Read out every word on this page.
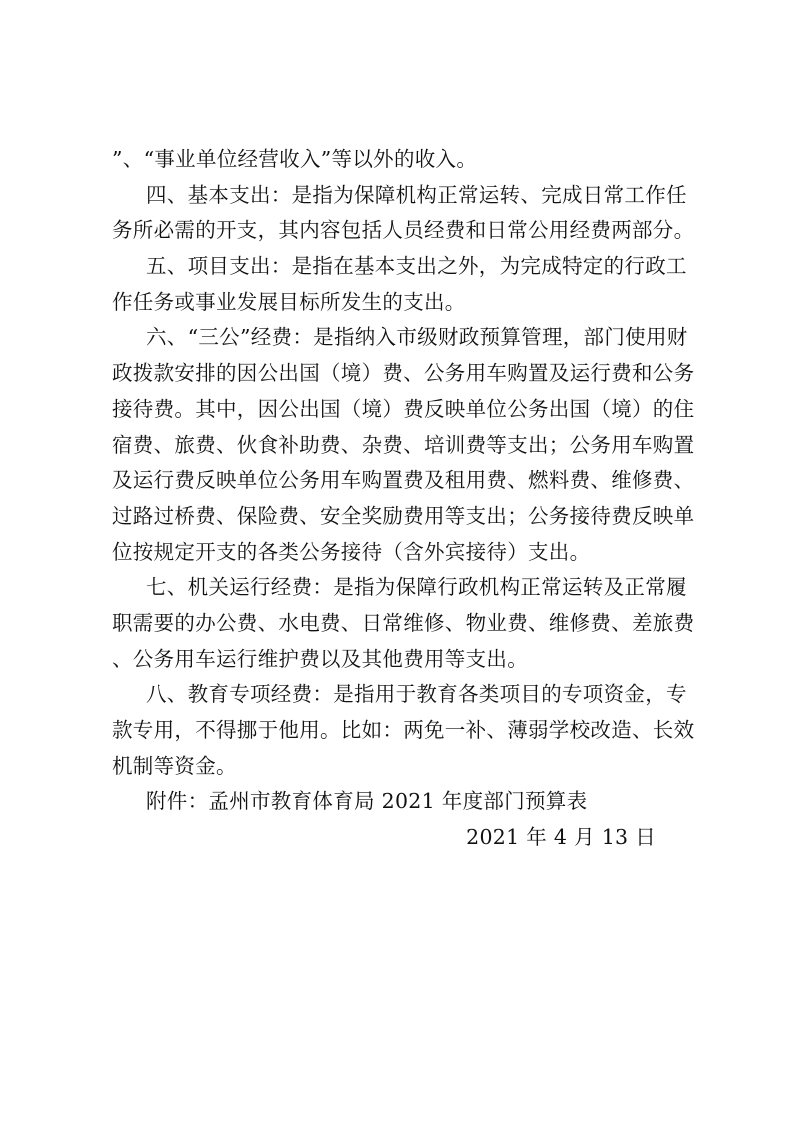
”、“事业单位经营收入”等以外的收入。
四、基本支出：是指为保障机构正常运转、完成日常工作任
务所必需的开支，其内容包括人员经费和日常公用经费两部分。
五、项目支出：是指在基本支出之外，为完成特定的行政工
作任务或事业发展目标所发生的支出。
六、“三公”经费：是指纳入市级财政预算管理，部门使用财
政拨款安排的因公出国（境）费、公务用车购置及运行费和公务
接待费。其中，因公出国（境）费反映单位公务出国（境）的住
宿费、旅费、伙食补助费、杂费、培训费等支出；公务用车购置
及运行费反映单位公务用车购置费及租用费、燃料费、维修费、
过路过桥费、保险费、安全奖励费用等支出；公务接待费反映单
位按规定开支的各类公务接待（含外宾接待）支出。
七、机关运行经费：是指为保障行政机构正常运转及正常履
职需要的办公费、水电费、日常维修、物业费、维修费、差旅费
、公务用车运行维护费以及其他费用等支出。
八、教育专项经费：是指用于教育各类项目的专项资金，专
款专用，不得挪于他用。比如：两免一补、薄弱学校改造、长效
机制等资金。
附件：孟州市教育体育局 2021 年度部门预算表
2021 年 4 月 13 日
